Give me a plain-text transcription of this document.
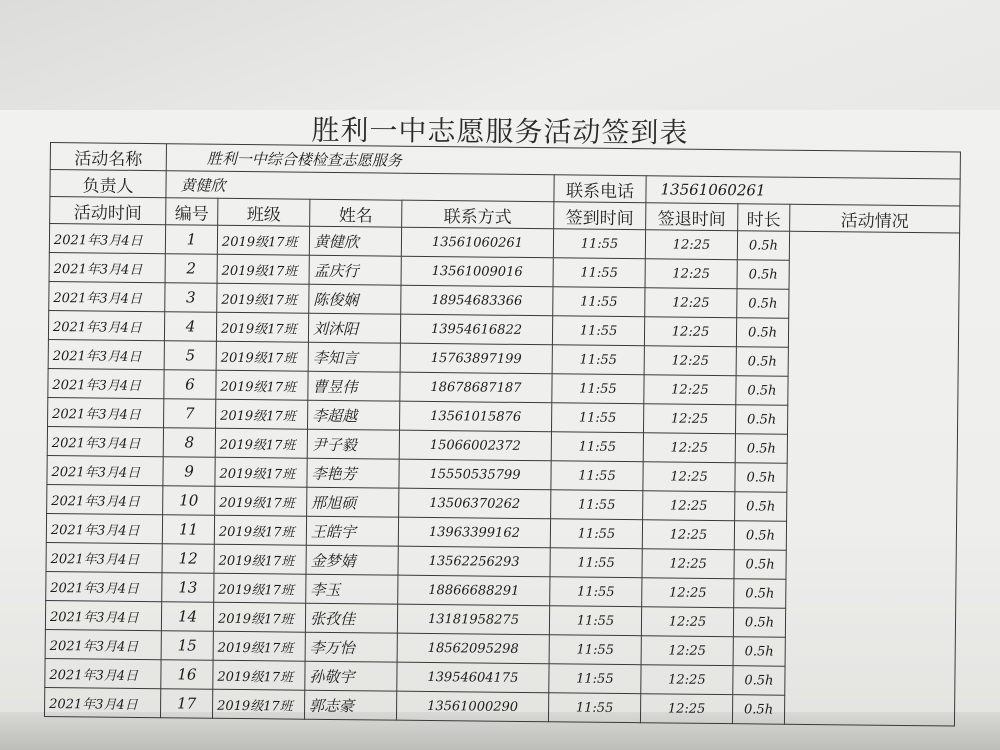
胜利一中志愿服务活动签到表
活动名称	胜利一中综合楼检查志愿服务							
负责人	黄健欣				联系电话	13561060261		
活动时间	编号	班级	姓名	联系方式	签到时间	签退时间	时长	活动情况
2021年3月4日	1	2019级17班	黄健欣	13561060261	11:55	12:25	0.5h	
2021年3月4日	2	2019级17班	孟庆行	13561009016	11:55	12:25	0.5h	
2021年3月4日	3	2019级17班	陈俊娴	18954683366	11:55	12:25	0.5h	
2021年3月4日	4	2019级17班	刘沐阳	13954616822	11:55	12:25	0.5h	
2021年3月4日	5	2019级17班	李知言	15763897199	11:55	12:25	0.5h	
2021年3月4日	6	2019级17班	曹昱伟	18678687187	11:55	12:25	0.5h	
2021年3月4日	7	2019级17班	李超越	13561015876	11:55	12:25	0.5h	
2021年3月4日	8	2019级17班	尹子毅	15066002372	11:55	12:25	0.5h	
2021年3月4日	9	2019级17班	李艳芳	15550535799	11:55	12:25	0.5h	
2021年3月4日	10	2019级17班	邢旭硕	13506370262	11:55	12:25	0.5h	
2021年3月4日	11	2019级17班	王皓宇	13963399162	11:55	12:25	0.5h	
2021年3月4日	12	2019级17班	金梦婧	13562256293	11:55	12:25	0.5h	
2021年3月4日	13	2019级17班	李玉	18866688291	11:55	12:25	0.5h	
2021年3月4日	14	2019级17班	张孜佳	13181958275	11:55	12:25	0.5h	
2021年3月4日	15	2019级17班	李万怡	18562095298	11:55	12:25	0.5h	
2021年3月4日	16	2019级17班	孙敬宇	13954604175	11:55	12:25	0.5h	
2021年3月4日	17	2019级17班	郭志豪	13561000290	11:55	12:25	0.5h	
